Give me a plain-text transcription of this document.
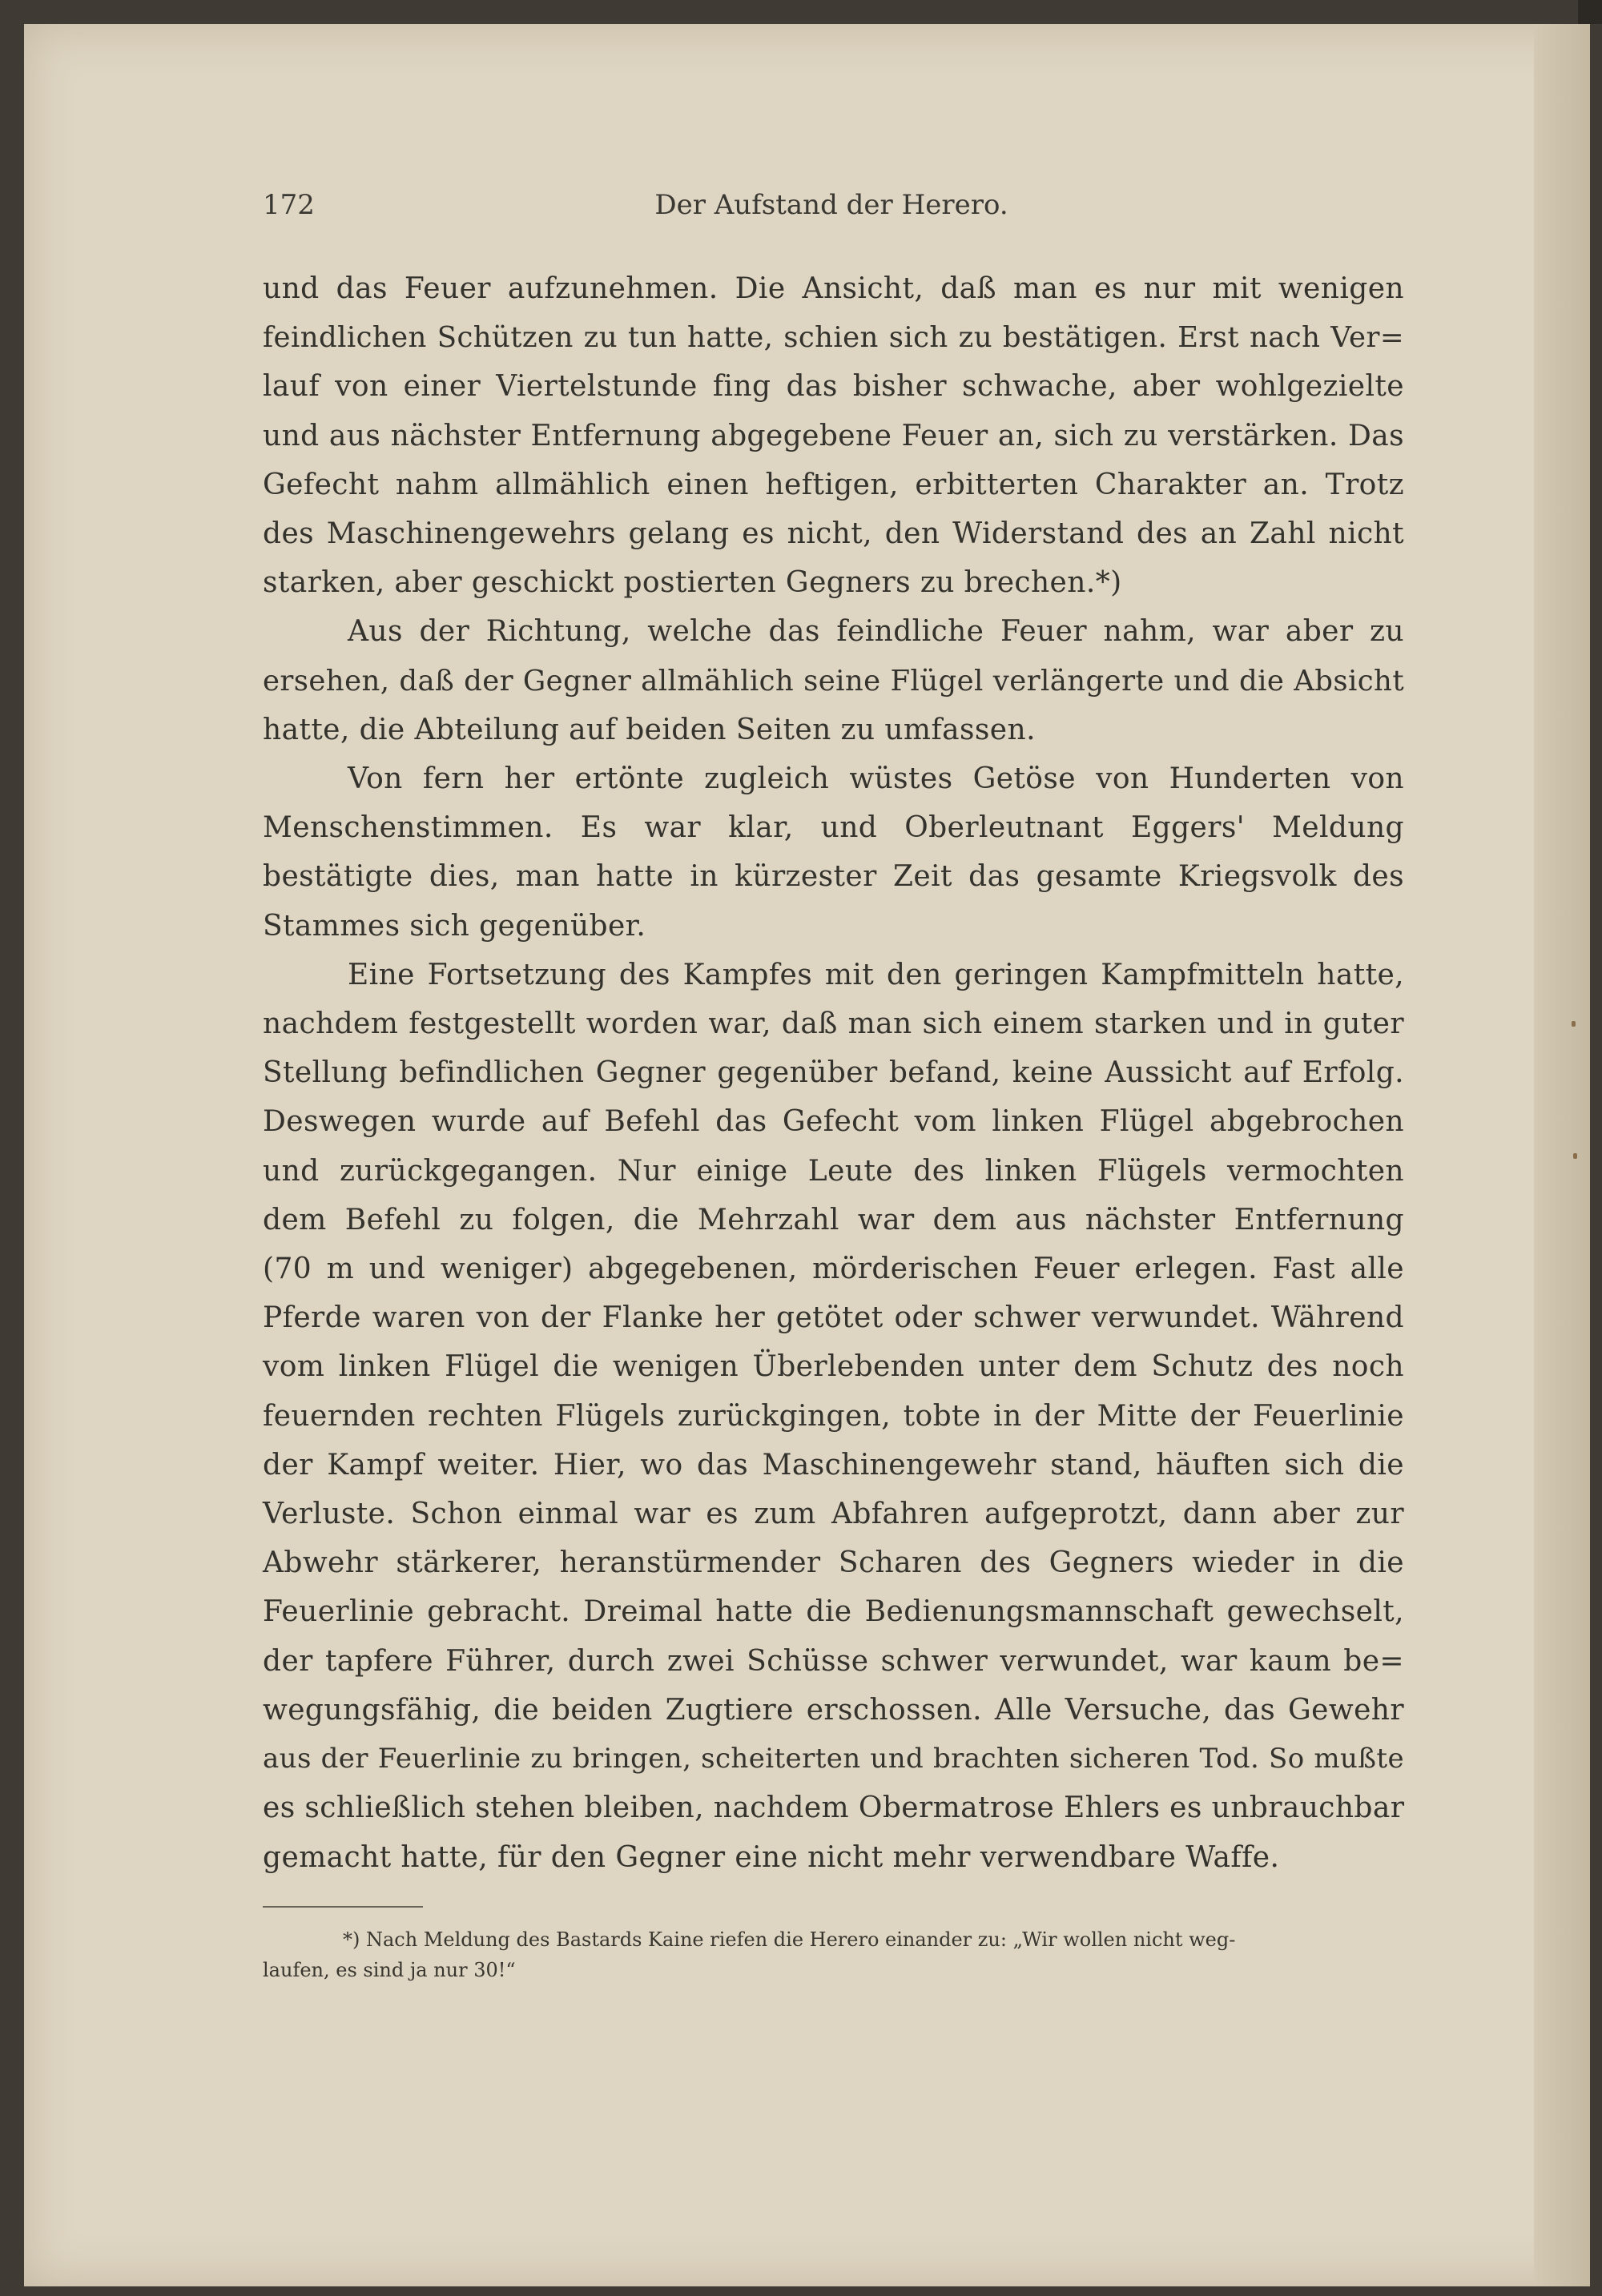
172	Der Aufstand der Herero.
und das Feuer aufzunehmen. Die Ansicht, daß man es nur mit wenigen
feindlichen Schützen zu tun hatte, schien sich zu bestätigen. Erst nach Ver=
lauf von einer Viertelstunde fing das bisher schwache, aber wohlgezielte
und aus nächster Entfernung abgegebene Feuer an, sich zu verstärken. Das
Gefecht nahm allmählich einen heftigen, erbitterten Charakter an. Trotz
des Maschinengewehrs gelang es nicht, den Widerstand des an Zahl nicht
starken, aber geschickt postierten Gegners zu brechen.*)
Aus der Richtung, welche das feindliche Feuer nahm, war aber zu
ersehen, daß der Gegner allmählich seine Flügel verlängerte und die Absicht
hatte, die Abteilung auf beiden Seiten zu umfassen.
Von fern her ertönte zugleich wüstes Getöse von Hunderten von
Menschenstimmen. Es war klar, und Oberleutnant Eggers' Meldung
bestätigte dies, man hatte in kürzester Zeit das gesamte Kriegsvolk des
Stammes sich gegenüber.
Eine Fortsetzung des Kampfes mit den geringen Kampfmitteln hatte,
nachdem festgestellt worden war, daß man sich einem starken und in guter
Stellung befindlichen Gegner gegenüber befand, keine Aussicht auf Erfolg.
Deswegen wurde auf Befehl das Gefecht vom linken Flügel abgebrochen
und zurückgegangen. Nur einige Leute des linken Flügels vermochten
dem Befehl zu folgen, die Mehrzahl war dem aus nächster Entfernung
(70 m und weniger) abgegebenen, mörderischen Feuer erlegen. Fast alle
Pferde waren von der Flanke her getötet oder schwer verwundet. Während
vom linken Flügel die wenigen Überlebenden unter dem Schutz des noch
feuernden rechten Flügels zurückgingen, tobte in der Mitte der Feuerlinie
der Kampf weiter. Hier, wo das Maschinengewehr stand, häuften sich die
Verluste. Schon einmal war es zum Abfahren aufgeprotzt, dann aber zur
Abwehr stärkerer, heranstürmender Scharen des Gegners wieder in die
Feuerlinie gebracht. Dreimal hatte die Bedienungsmannschaft gewechselt,
der tapfere Führer, durch zwei Schüsse schwer verwundet, war kaum be=
wegungsfähig, die beiden Zugtiere erschossen. Alle Versuche, das Gewehr
aus der Feuerlinie zu bringen, scheiterten und brachten sicheren Tod. So mußte
es schließlich stehen bleiben, nachdem Obermatrose Ehlers es unbrauchbar
gemacht hatte, für den Gegner eine nicht mehr verwendbare Waffe.
*) Nach Meldung des Bastards Kaine riefen die Herero einander zu: „Wir wollen nicht weg-
laufen, es sind ja nur 30!“
